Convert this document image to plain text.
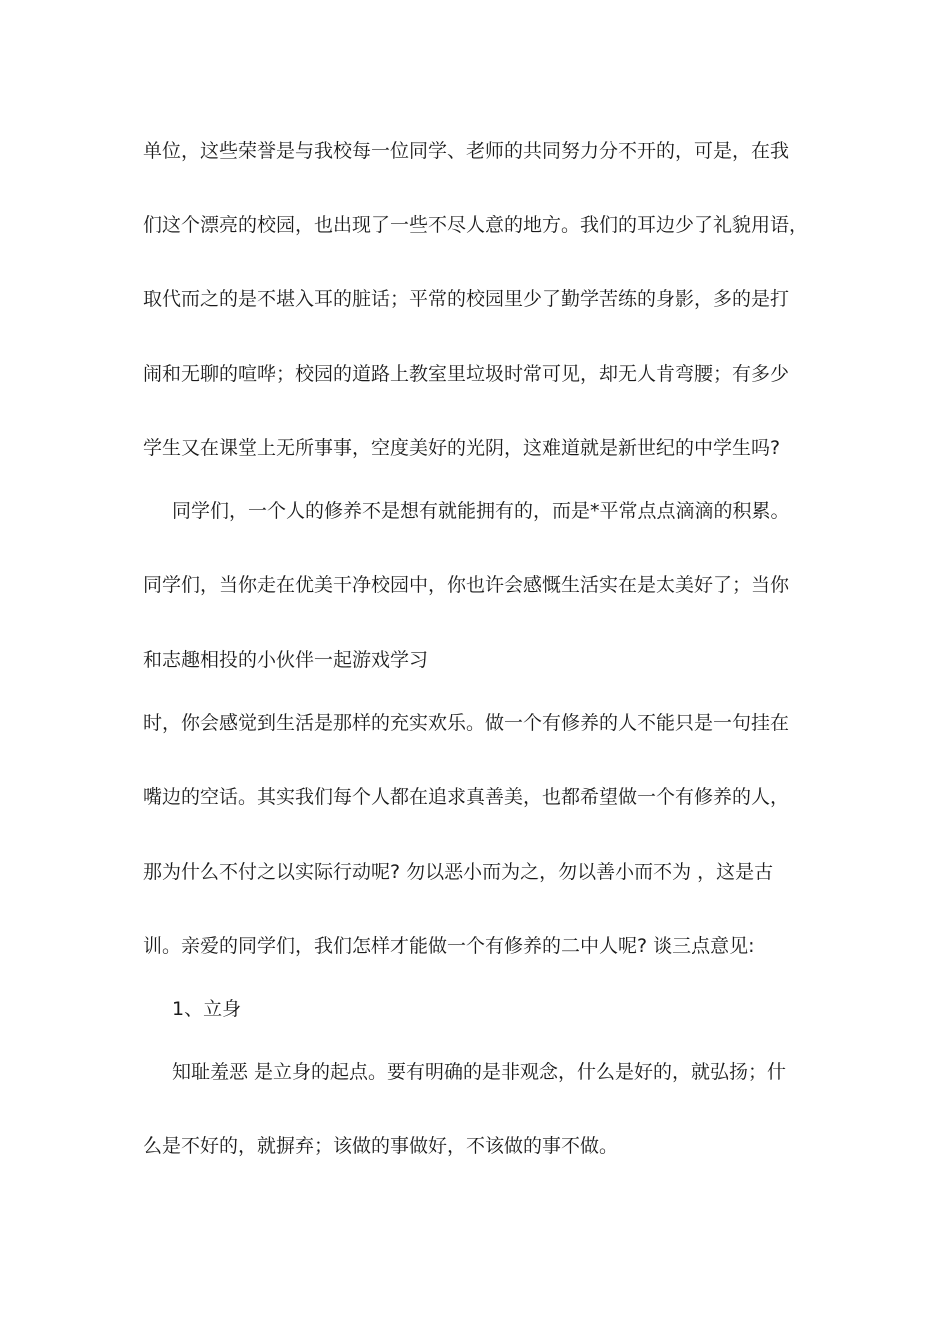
单位，这些荣誉是与我校每一位同学、老师的共同努力分不开的，可是，在我
们这个漂亮的校园，也出现了一些不尽人意的地方。我们的耳边少了礼貌用语，
取代而之的是不堪入耳的脏话；平常的校园里少了勤学苦练的身影，多的是打
闹和无聊的喧哗；校园的道路上教室里垃圾时常可见，却无人肯弯腰；有多少
学生又在课堂上无所事事，空度美好的光阴，这难道就是新世纪的中学生吗?
同学们，一个人的修养不是想有就能拥有的，而是*平常点点滴滴的积累。
同学们，当你走在优美干净校园中，你也许会感慨生活实在是太美好了；当你
和志趣相投的小伙伴一起游戏学习
时，你会感觉到生活是那样的充实欢乐。做一个有修养的人不能只是一句挂在
嘴边的空话。其实我们每个人都在追求真善美，也都希望做一个有修养的人，
那为什么不付之以实际行动呢? 勿以恶小而为之，勿以善小而不为 ，这是古
训。亲爱的同学们，我们怎样才能做一个有修养的二中人呢? 谈三点意见:
1、立身
知耻羞恶 是立身的起点。要有明确的是非观念，什么是好的，就弘扬；什
么是不好的，就摒弃；该做的事做好，不该做的事不做。
